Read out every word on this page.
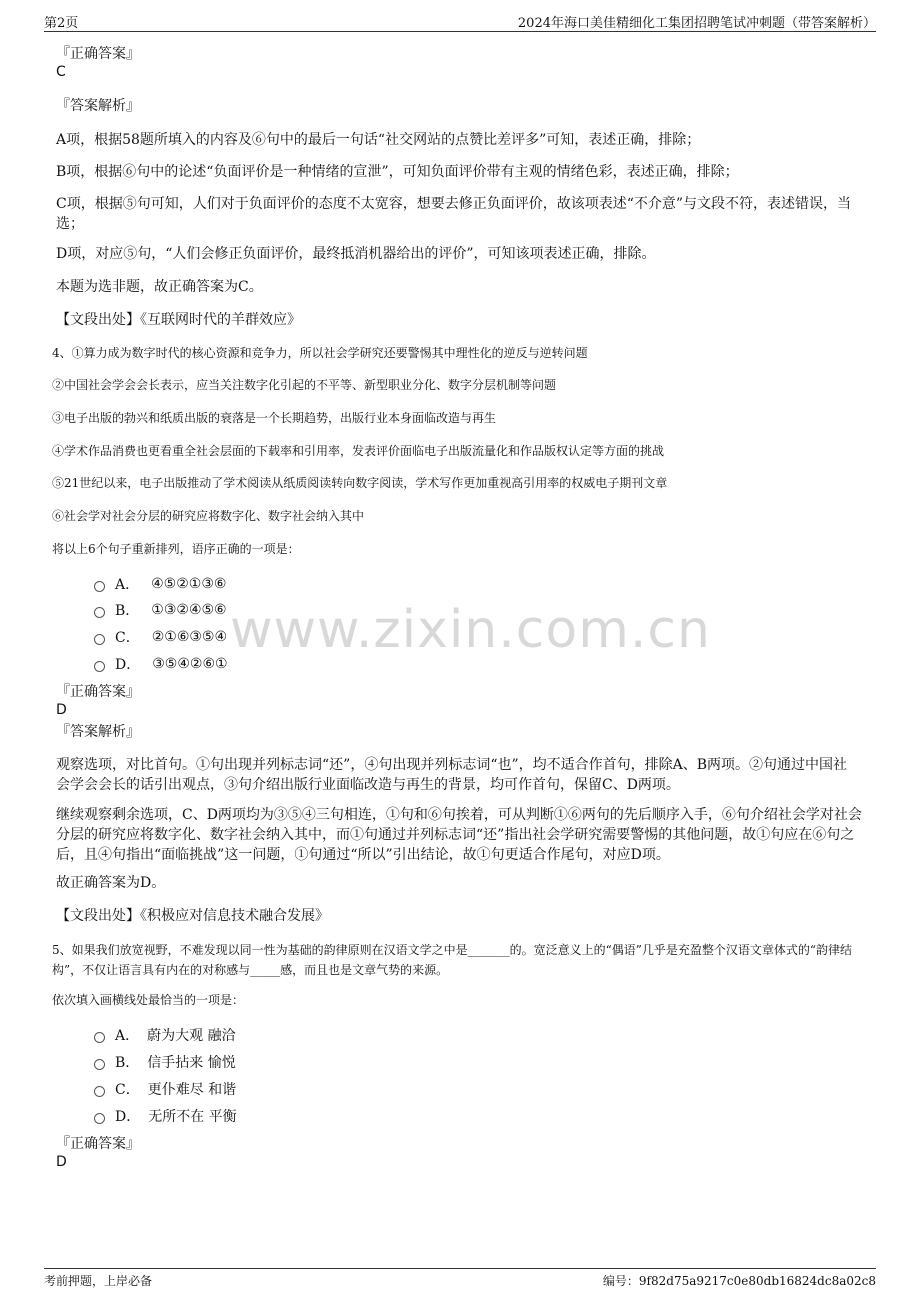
第2页	2024年海口美佳精细化工集团招聘笔试冲刺题（带答案解析）
www.zixin.com.cn
『正确答案』
C
『答案解析』
A项，根据58题所填入的内容及⑥句中的最后一句话“社交网站的点赞比差评多”可知，表述正确，排除；
B项，根据⑥句中的论述“负面评价是一种情绪的宣泄”，可知负面评价带有主观的情绪色彩，表述正确，排除；
C项，根据⑤句可知，人们对于负面评价的态度不太宽容，想要去修正负面评价，故该项表述“不介意”与文段不符，表述错误，当选；
D项，对应⑤句，“人们会修正负面评价，最终抵消机器给出的评价”，可知该项表述正确，排除。
本题为选非题，故正确答案为C。
【文段出处】《互联网时代的羊群效应》
4、①算力成为数字时代的核心资源和竞争力，所以社会学研究还要警惕其中理性化的逆反与逆转问题
②中国社会学会会长表示，应当关注数字化引起的不平等、新型职业分化、数字分层机制等问题
③电子出版的勃兴和纸质出版的衰落是一个长期趋势，出版行业本身面临改造与再生
④学术作品消费也更看重全社会层面的下载率和引用率，发表评价面临电子出版流量化和作品版权认定等方面的挑战
⑤21世纪以来，电子出版推动了学术阅读从纸质阅读转向数字阅读，学术写作更加重视高引用率的权威电子期刊文章
⑥社会学对社会分层的研究应将数字化、数字社会纳入其中
将以上6个句子重新排列，语序正确的一项是：
A． ④⑤②①③⑥
B． ①③②④⑤⑥
C． ②①⑥③⑤④
D． ③⑤④②⑥①
『正确答案』
D
『答案解析』
观察选项，对比首句。①句出现并列标志词“还”，④句出现并列标志词“也”，均不适合作首句，排除A、B两项。②句通过中国社会学会会长的话引出观点，③句介绍出版行业面临改造与再生的背景，均可作首句，保留C、D两项。
继续观察剩余选项，C、D两项均为③⑤④三句相连，①句和⑥句挨着，可从判断①⑥两句的先后顺序入手，⑥句介绍社会学对社会分层的研究应将数字化、数字社会纳入其中，而①句通过并列标志词“还”指出社会学研究需要警惕的其他问题，故①句应在⑥句之后，且④句指出“面临挑战”这一问题，①句通过“所以”引出结论，故①句更适合作尾句，对应D项。
故正确答案为D。
【文段出处】《积极应对信息技术融合发展》
5、如果我们放宽视野，不难发现以同一性为基础的韵律原则在汉语文学之中是_______的。宽泛意义上的“偶语”几乎是充盈整个汉语文章体式的“韵律结构”，不仅让语言具有内在的对称感与_____感，而且也是文章气势的来源。
依次填入画横线处最恰当的一项是：
A． 蔚为大观 融洽
B． 信手拈来 愉悦
C． 更仆难尽 和谐
D． 无所不在 平衡
『正确答案』
D
考前押题，上岸必备	编号：9f82d75a9217c0e80db16824dc8a02c8
